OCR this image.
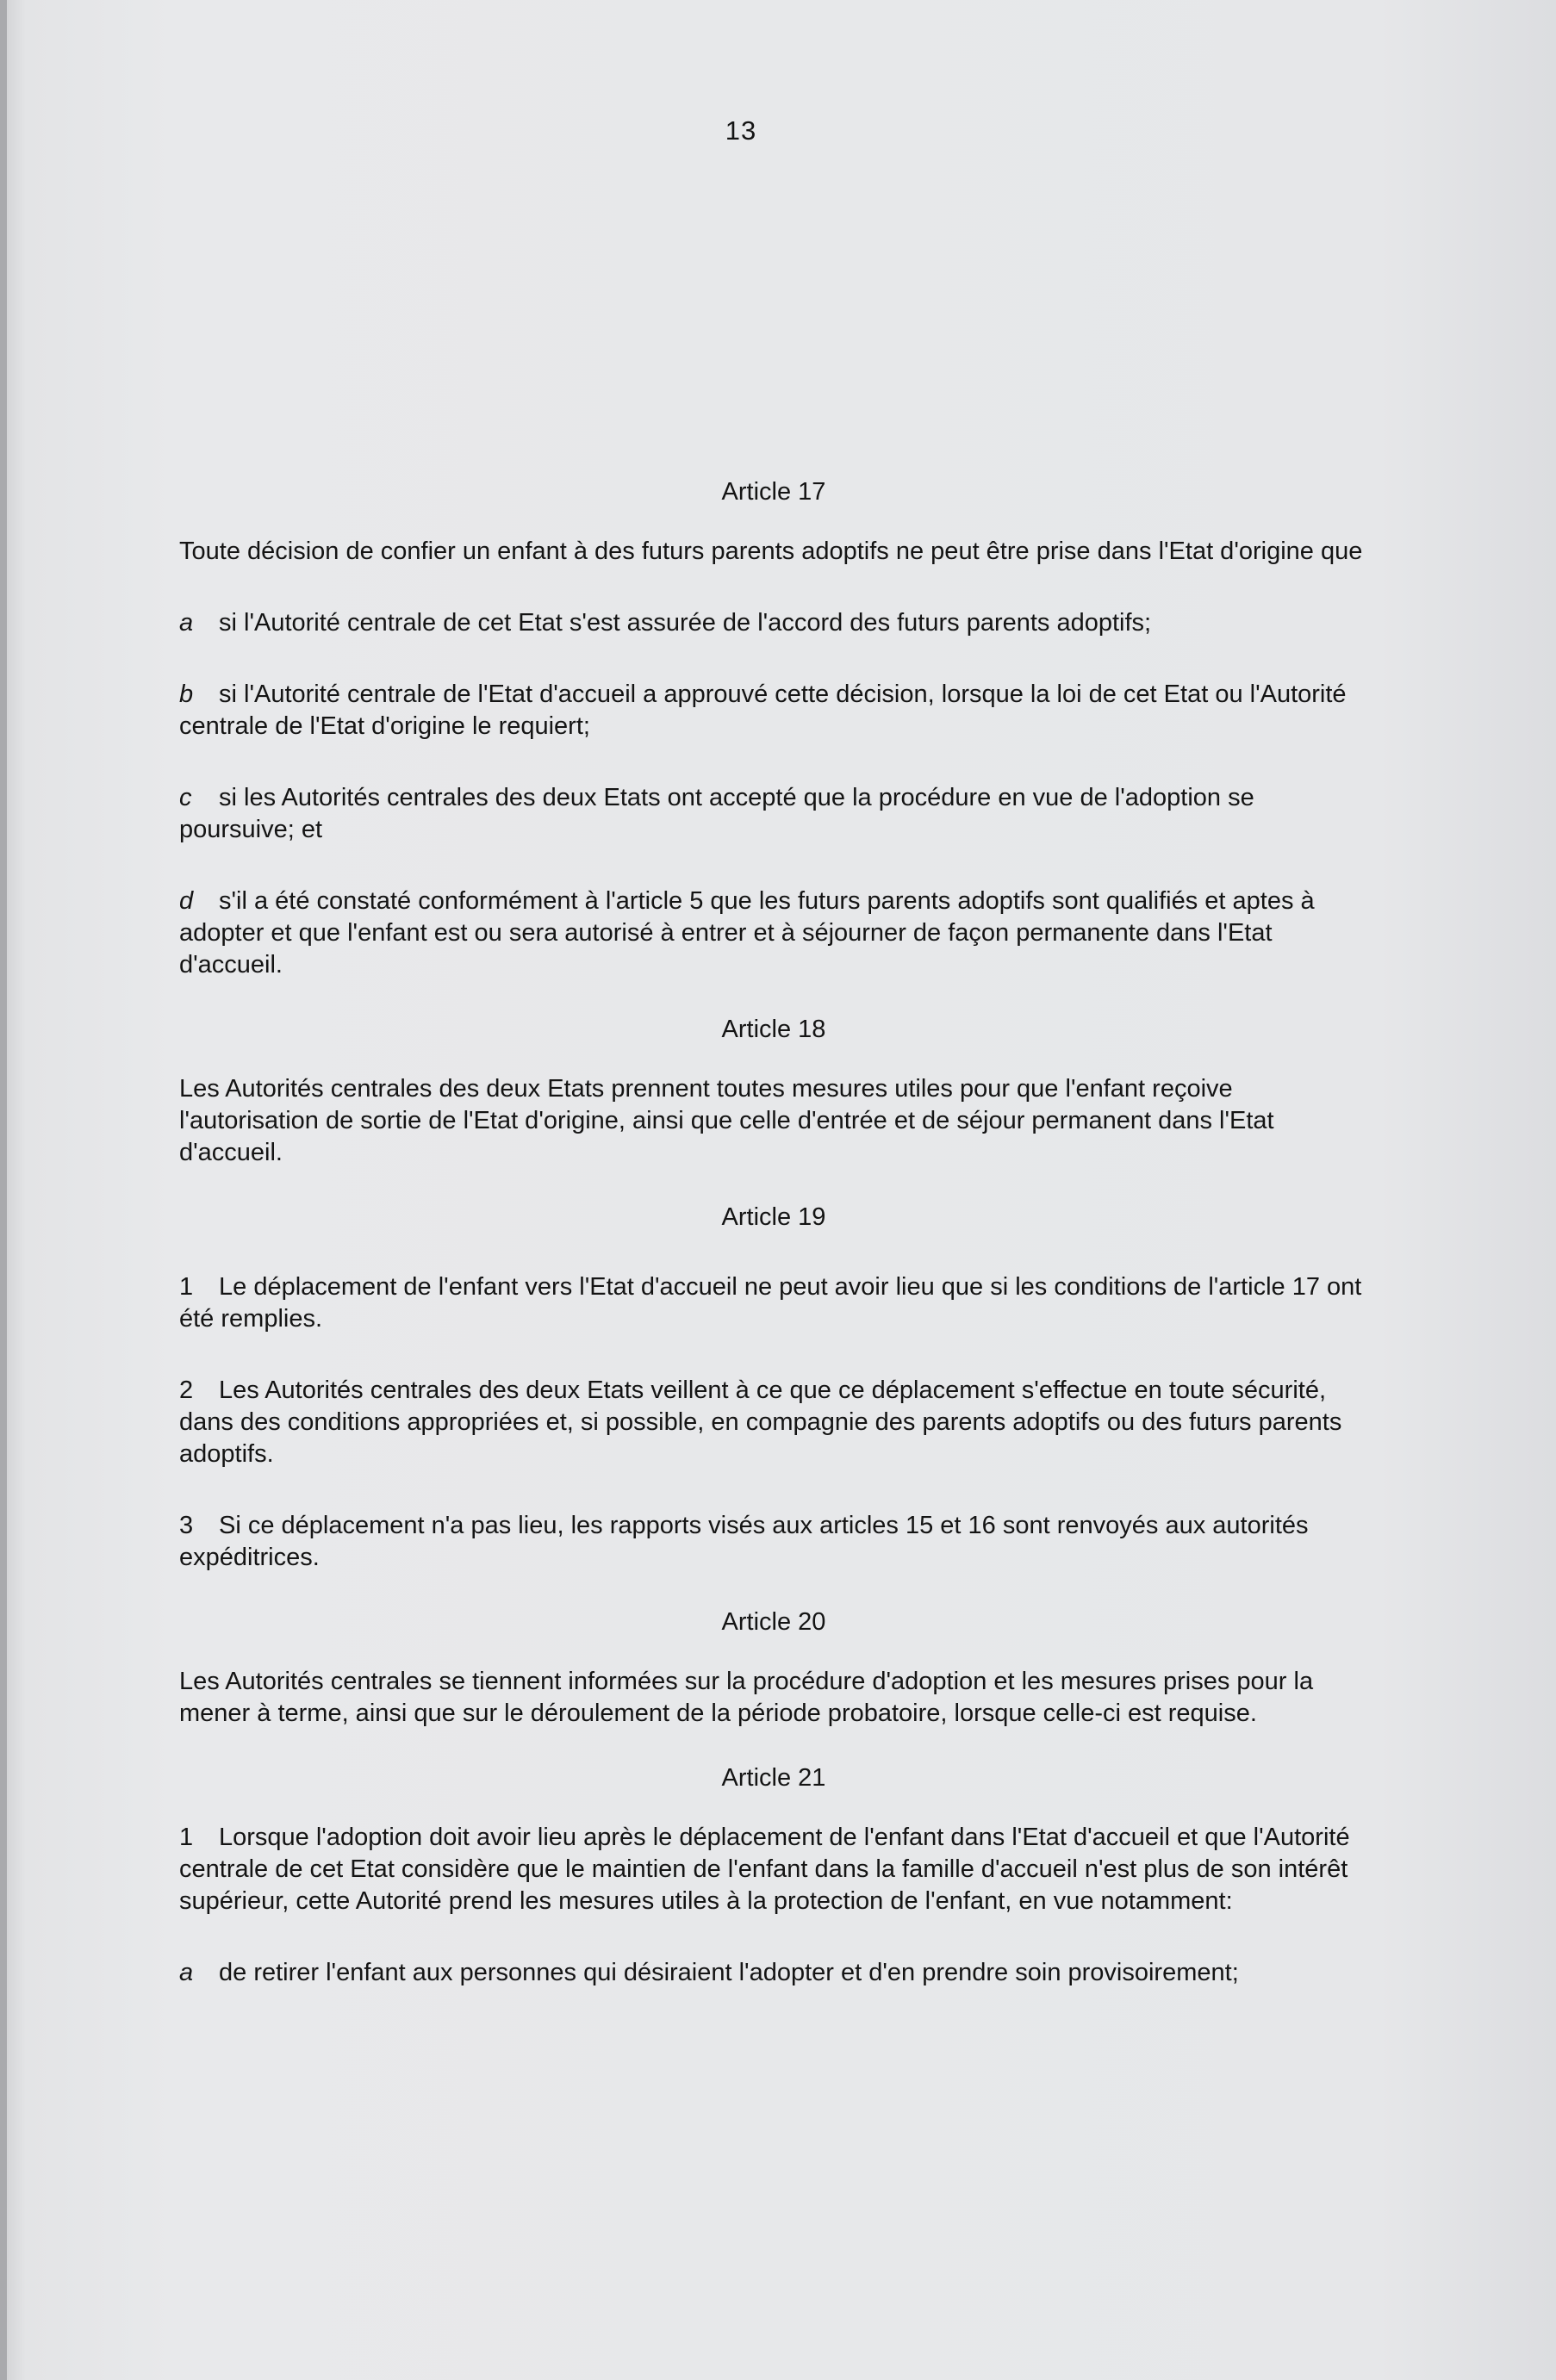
13
Article 17

Toute décision de confier un enfant à des futurs parents adoptifs ne peut être prise dans l'Etat d'origine que

a si l'Autorité centrale de cet Etat s'est assurée de l'accord des futurs parents adoptifs;

b si l'Autorité centrale de l'Etat d'accueil a approuvé cette décision, lorsque la loi de cet Etat ou l'Autorité centrale de l'Etat d'origine le requiert;

c si les Autorités centrales des deux Etats ont accepté que la procédure en vue de l'adoption se poursuive; et

d s'il a été constaté conformément à l'article 5 que les futurs parents adoptifs sont qualifiés et aptes à adopter et que l'enfant est ou sera autorisé à entrer et à séjourner de façon permanente dans l'Etat d'accueil.

Article 18

Les Autorités centrales des deux Etats prennent toutes mesures utiles pour que l'enfant reçoive l'autorisation de sortie de l'Etat d'origine, ainsi que celle d'entrée et de séjour permanent dans l'Etat d'accueil.

Article 19

1 Le déplacement de l'enfant vers l'Etat d'accueil ne peut avoir lieu que si les conditions de l'article 17 ont été remplies.

2 Les Autorités centrales des deux Etats veillent à ce que ce déplacement s'effectue en toute sécurité, dans des conditions appropriées et, si possible, en compagnie des parents adoptifs ou des futurs parents adoptifs.

3 Si ce déplacement n'a pas lieu, les rapports visés aux articles 15 et 16 sont renvoyés aux autorités expéditrices.

Article 20

Les Autorités centrales se tiennent informées sur la procédure d'adoption et les mesures prises pour la mener à terme, ainsi que sur le déroulement de la période probatoire, lorsque celle-ci est requise.

Article 21

1 Lorsque l'adoption doit avoir lieu après le déplacement de l'enfant dans l'Etat d'accueil et que l'Autorité centrale de cet Etat considère que le maintien de l'enfant dans la famille d'accueil n'est plus de son intérêt supérieur, cette Autorité prend les mesures utiles à la protection de l'enfant, en vue notamment:

a de retirer l'enfant aux personnes qui désiraient l'adopter et d'en prendre soin provisoirement;
